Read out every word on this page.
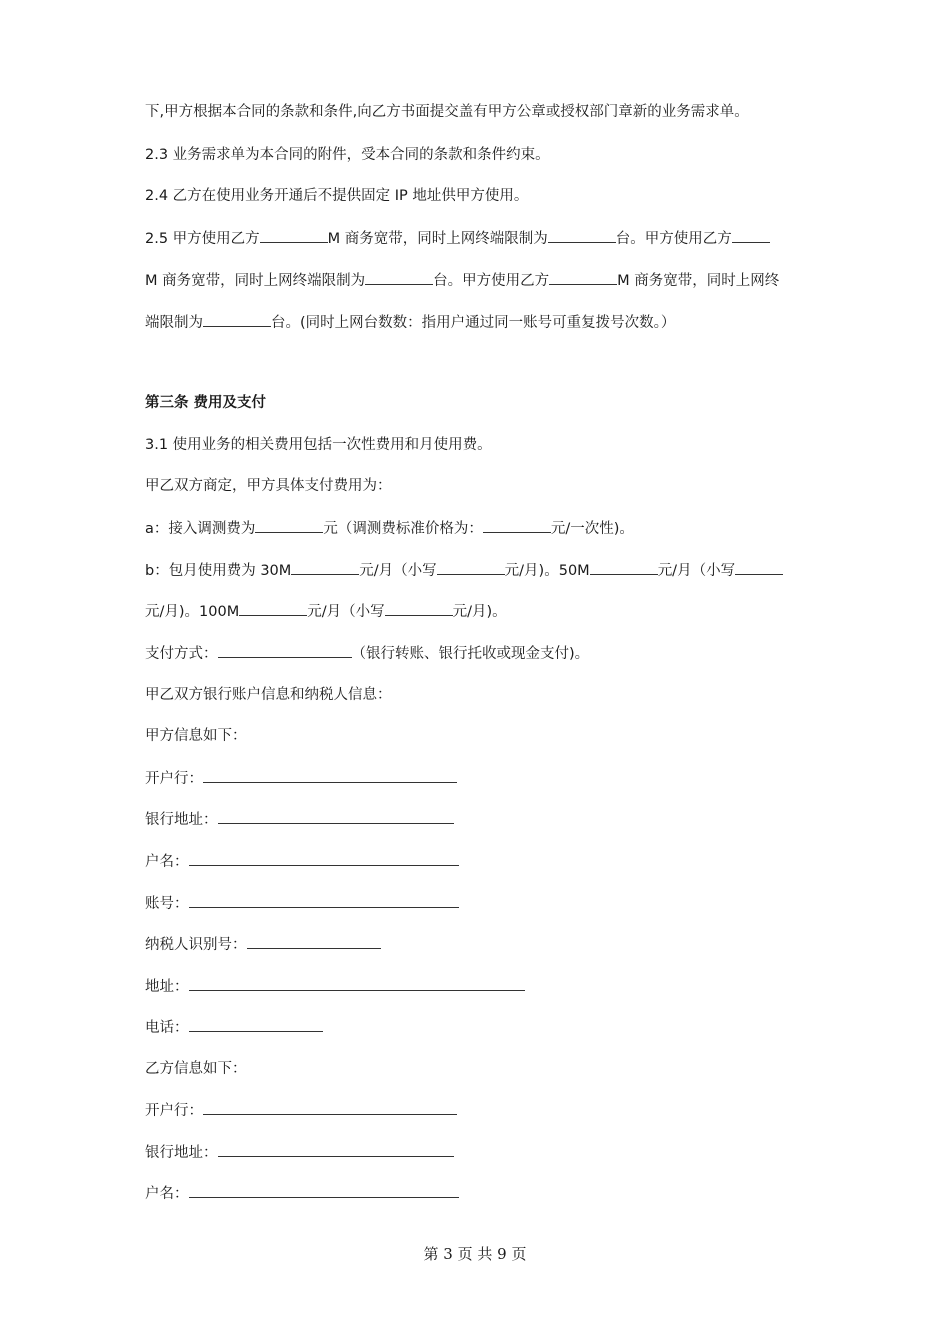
下,甲方根据本合同的条款和条件,向乙方书面提交盖有甲方公章或授权部门章新的业务需求单。
2.3 业务需求单为本合同的附件，受本合同的条款和条件约束。
2.4 乙方在使用业务开通后不提供固定 IP 地址供甲方使用。
2.5 甲方使用乙方	M 商务宽带，同时上网终端限制为	台。甲方使用乙方
M 商务宽带，同时上网终端限制为	台。甲方使用乙方	M 商务宽带，同时上网终
端限制为	台。(同时上网台数数：指用户通过同一账号可重复拨号次数。）
第三条 费用及支付
3.1 使用业务的相关费用包括一次性费用和月使用费。
甲乙双方商定，甲方具体支付费用为：
a：接入调测费为	元（调测费标准价格为：	元/一次性)。
b：包月使用费为 30M	元/月（小写	元/月)。50M	元/月（小写
元/月)。100M	元/月（小写	元/月)。
支付方式：	（银行转账、银行托收或现金支付)。
甲乙双方银行账户信息和纳税人信息：
甲方信息如下：
开户行：
银行地址：
户名：
账号：
纳税人识别号：
地址：
电话：
乙方信息如下：
开户行：
银行地址：
户名：
第 3 页 共 9 页
